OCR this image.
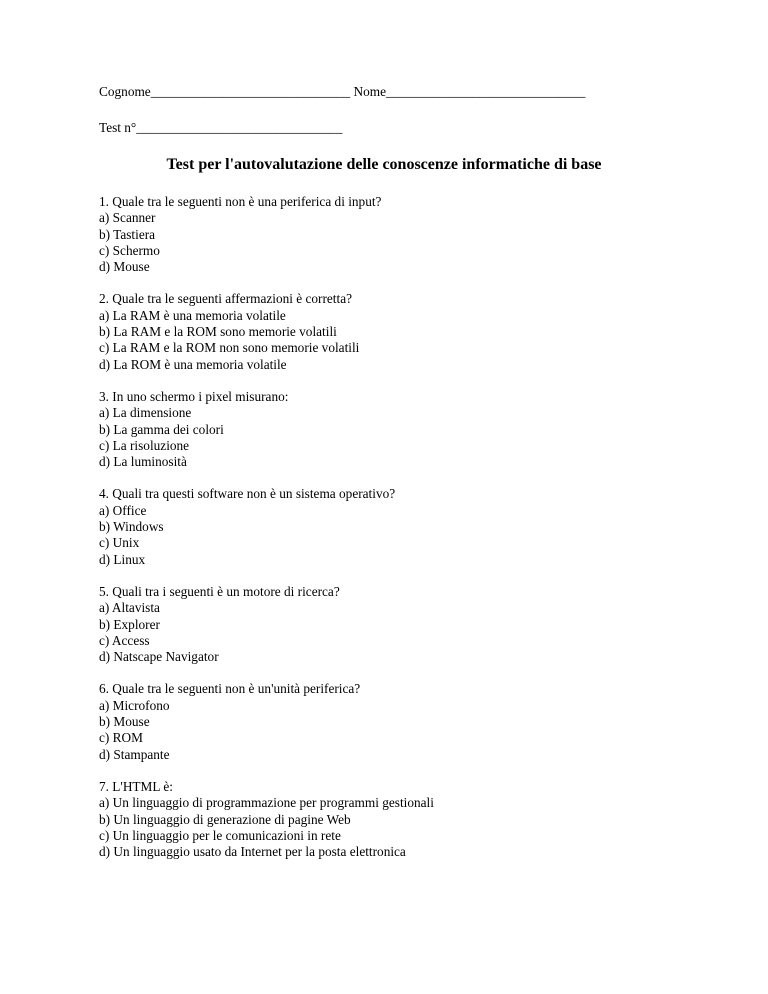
Cognome______________________________ Nome______________________________
Test n°_______________________________
Test per l'autovalutazione delle conoscenze informatiche di base
1. Quale tra le seguenti non è una periferica di input?
a) Scanner
b) Tastiera
c) Schermo
d) Mouse
2. Quale tra le seguenti affermazioni è corretta?
a) La RAM è una memoria volatile
b) La RAM e la ROM sono memorie volatili
c) La RAM e la ROM non sono memorie volatili
d) La ROM è una memoria volatile
3. In uno schermo i pixel misurano:
a) La dimensione
b) La gamma dei colori
c) La risoluzione
d) La luminosità
4. Quali tra questi software non è un sistema operativo?
a) Office
b) Windows
c) Unix
d) Linux
5. Quali tra i seguenti è un motore di ricerca?
a) Altavista
b) Explorer
c) Access
d) Natscape Navigator
6. Quale tra le seguenti non è un'unità periferica?
a) Microfono
b) Mouse
c) ROM
d) Stampante
7. L'HTML è:
a) Un linguaggio di programmazione per programmi gestionali
b) Un linguaggio di generazione di pagine Web
c) Un linguaggio per le comunicazioni in rete
d) Un linguaggio usato da Internet per la posta elettronica
